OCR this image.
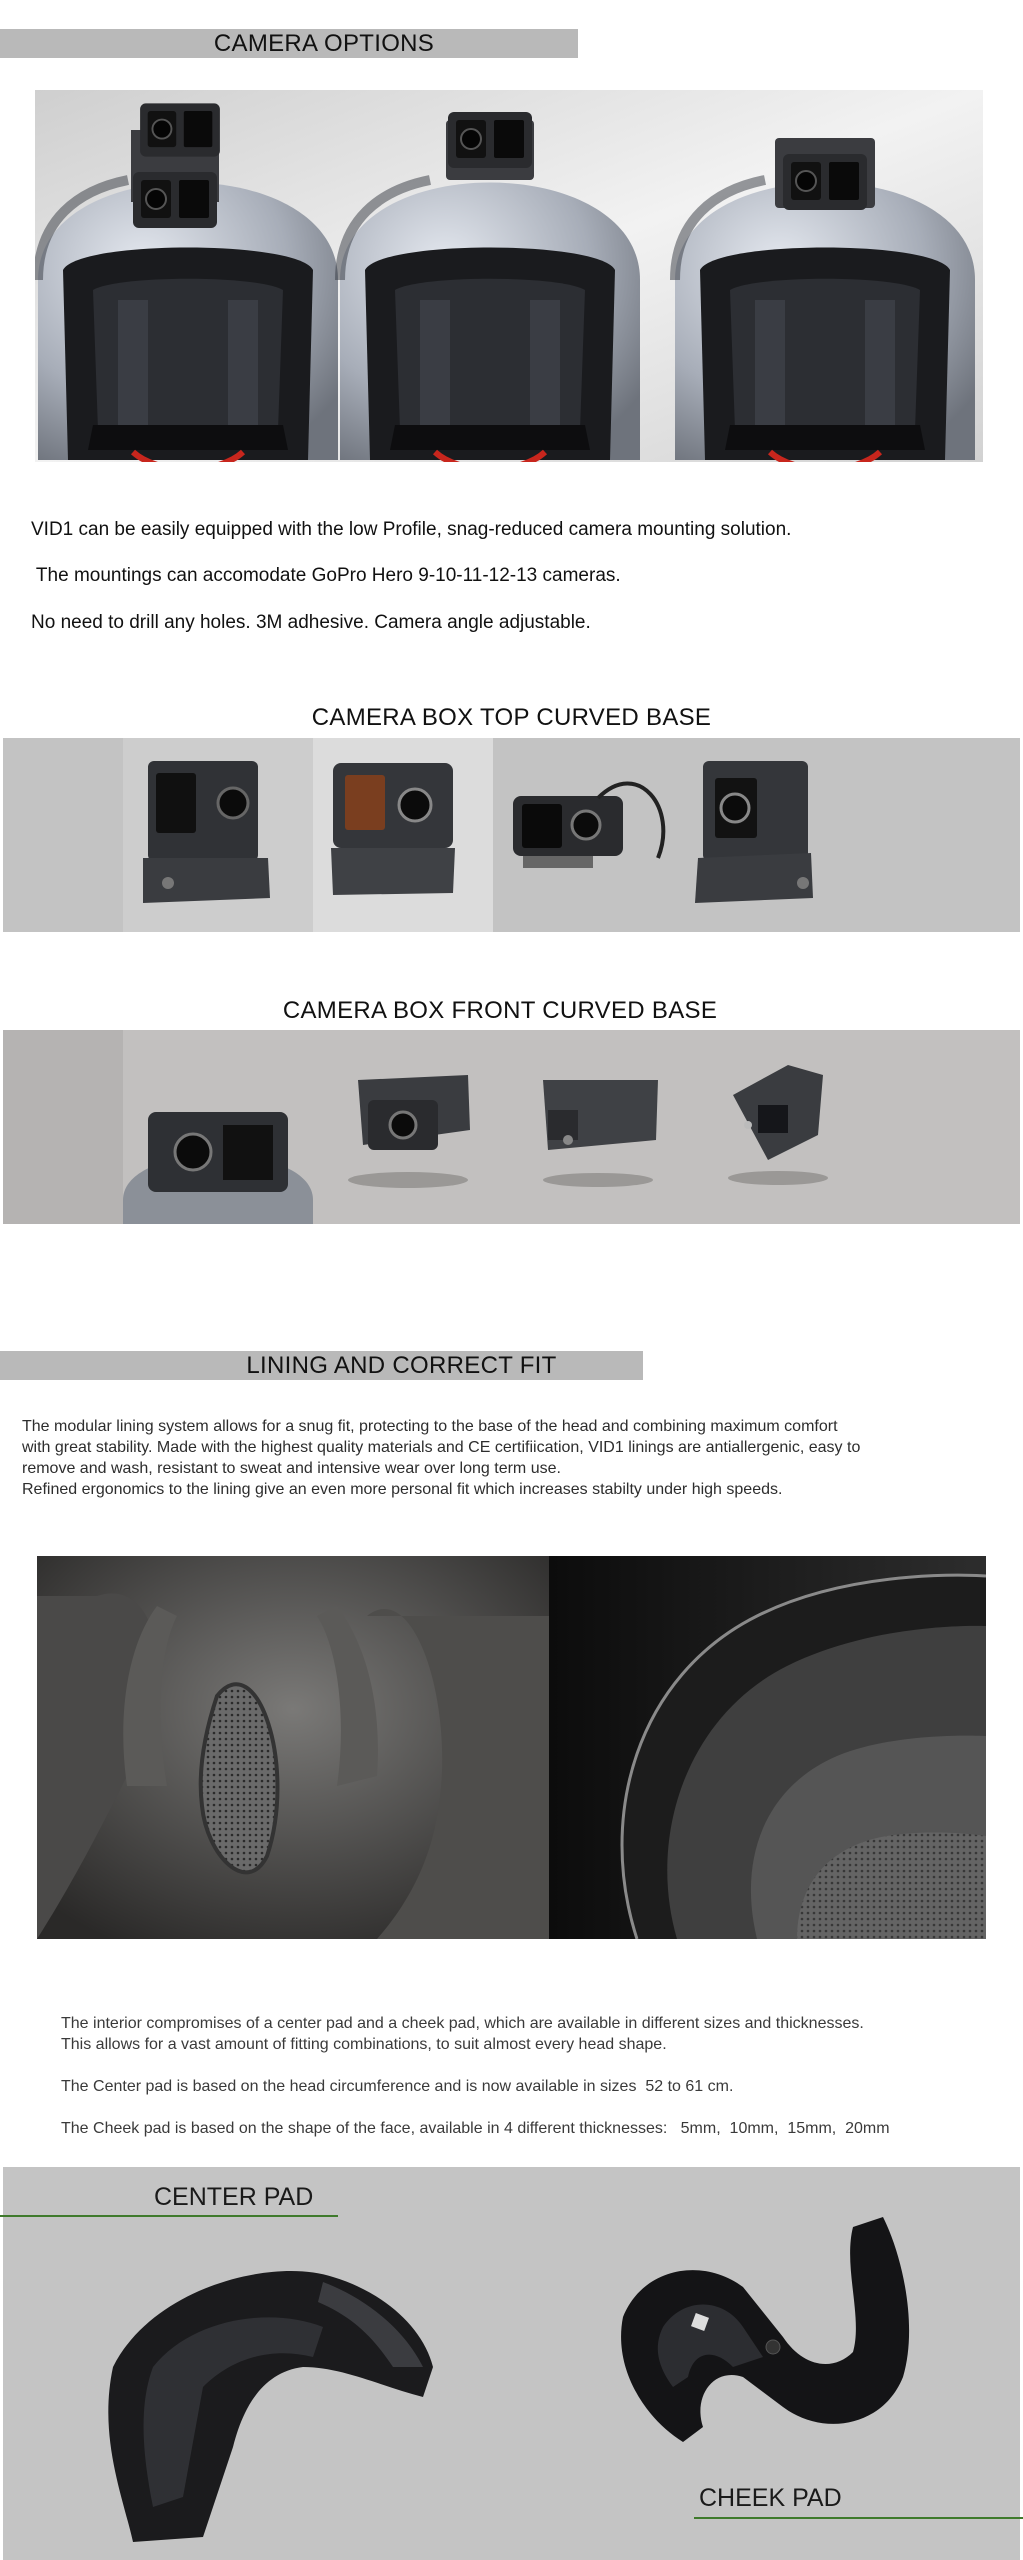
CAMERA OPTIONS
VID1 can be easily equipped with the low Profile, snag-reduced camera mounting solution.
The mountings can accomodate GoPro Hero 9-10-11-12-13 cameras.
No need to drill any holes. 3M adhesive. Camera angle adjustable.
CAMERA BOX TOP CURVED BASE
CAMERA BOX FRONT CURVED BASE
LINING AND CORRECT FIT
The modular lining system allows for a snug fit, protecting to the base of the head and combining maximum comfort
with great stability. Made with the highest quality materials and CE certifiication, VID1 linings are antiallergenic, easy to
remove and wash, resistant to sweat and intensive wear over long term use.
Refined ergonomics to the lining give an even more personal fit which increases stabilty under high speeds.
The interior compromises of a center pad and a cheek pad, which are available in different sizes and thicknesses.
This allows for a vast amount of fitting combinations, to suit almost every head shape.
The Center pad is based on the head circumference and is now available in sizes  52 to 61 cm.
The Cheek pad is based on the shape of the face, available in 4 different thicknesses:   5mm,  10mm,  15mm,  20mm
CENTER PAD
CHEEK PAD
